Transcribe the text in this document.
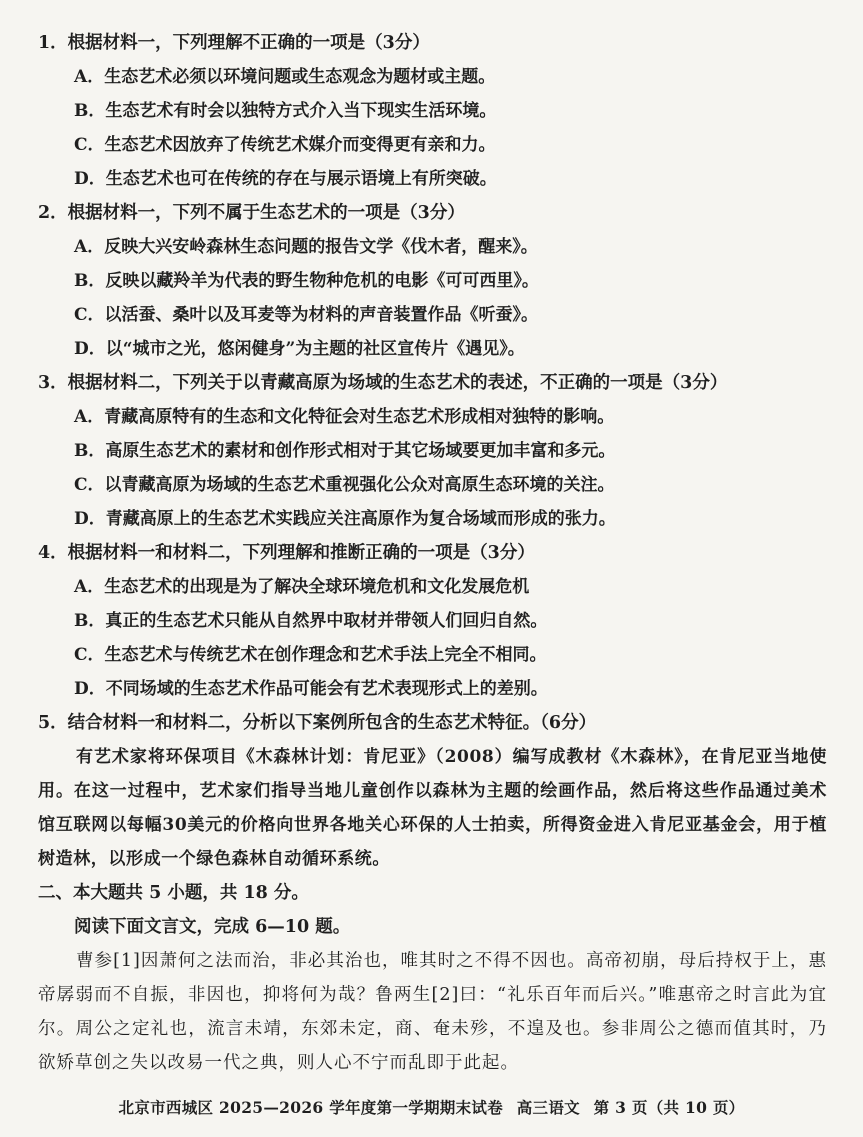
1．根据材料一，下列理解不正确的一项是（3分）
A．生态艺术必须以环境问题或生态观念为题材或主题。
B．生态艺术有时会以独特方式介入当下现实生活环境。
C．生态艺术因放弃了传统艺术媒介而变得更有亲和力。
D．生态艺术也可在传统的存在与展示语境上有所突破。
2．根据材料一，下列不属于生态艺术的一项是（3分）
A．反映大兴安岭森林生态问题的报告文学《伐木者，醒来》。
B．反映以藏羚羊为代表的野生物种危机的电影《可可西里》。
C．以活蚕、桑叶以及耳麦等为材料的声音装置作品《听蚕》。
D．以“城市之光，悠闲健身”为主题的社区宣传片《遇见》。
3．根据材料二，下列关于以青藏高原为场域的生态艺术的表述，不正确的一项是（3分）
A．青藏高原特有的生态和文化特征会对生态艺术形成相对独特的影响。
B．高原生态艺术的素材和创作形式相对于其它场域要更加丰富和多元。
C．以青藏高原为场域的生态艺术重视强化公众对高原生态环境的关注。
D．青藏高原上的生态艺术实践应关注高原作为复合场域而形成的张力。
4．根据材料一和材料二，下列理解和推断正确的一项是（3分）
A．生态艺术的出现是为了解决全球环境危机和文化发展危机
B．真正的生态艺术只能从自然界中取材并带领人们回归自然。
C．生态艺术与传统艺术在创作理念和艺术手法上完全不相同。
D．不同场域的生态艺术作品可能会有艺术表现形式上的差别。
5．结合材料一和材料二，分析以下案例所包含的生态艺术特征。（6分）
有艺术家将环保项目《木森林计划：肯尼亚》（2008）编写成教材《木森林》，在肯尼亚当地使用。在这一过程中，艺术家们指导当地儿童创作以森林为主题的绘画作品，然后将这些作品通过美术馆互联网以每幅30美元的价格向世界各地关心环保的人士拍卖，所得资金进入肯尼亚基金会，用于植树造林，以形成一个绿色森林自动循环系统。
二、本大题共 5 小题，共 18 分。
阅读下面文言文，完成 6—10 题。
曹参[1]因萧何之法而治，非必其治也，唯其时之不得不因也。高帝初崩，母后持权于上，惠帝孱弱而不自振，非因也，抑将何为哉？鲁两生[2]曰：“礼乐百年而后兴。”唯惠帝之时言此为宜尔。周公之定礼也，流言未靖，东郊未定，商、奄未殄，不遑及也。参非周公之德而值其时，乃欲矫草创之失以改易一代之典，则人心不宁而乱即于此起。
北京市西城区 2025—2026 学年度第一学期期末试卷 高三语文 第 3 页（共 10 页）
